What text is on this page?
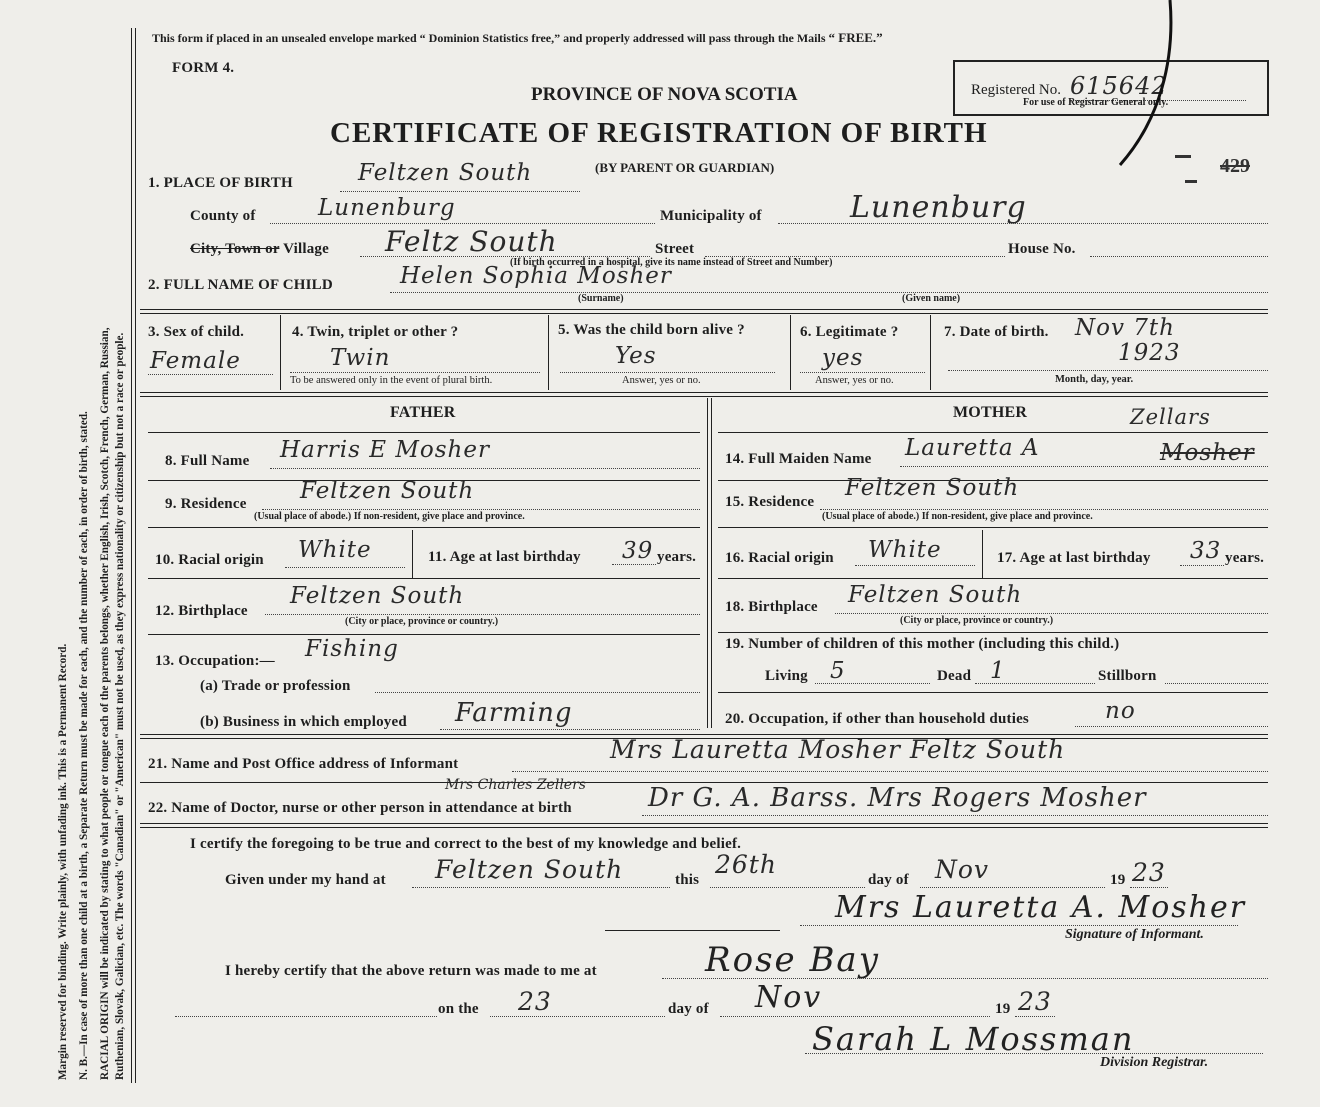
Margin reserved for binding. Write plainly, with unfading ink. This is a Permanent Record. N. B.—In case of more than one child at a birth, a Separate Return must be made for each, and the number of each, in order of birth, stated. RACIAL ORIGIN will be indicated by stating to what people or tongue each of the parents belongs, whether English, Irish, Scotch, French, German, Russian, Ruthenian, Slovak, Galician, etc. The words "Canadian" or "American" must not be used, as they express nationality or citizenship but not a race or people.
This form if placed in an unsealed envelope marked “ Dominion Statistics free,” and properly addressed will pass through the Mails “ FREE.”
FORM 4.
PROVINCE OF NOVA SCOTIA
CERTIFICATE OF REGISTRATION OF BIRTH
(BY PARENT OR GUARDIAN)
Registered No. 615642
For use of Registrar General only.
429
1. PLACE OF BIRTH	Feltzen South
County of	Lunenburg	Municipality of	Lunenburg
City, Town or Village Feltz South	Street	House No.
(If birth occurred in a hospital, give its name instead of Street and Number)
2. FULL NAME OF CHILD	Helen Sophia Mosher
(Surname)	(Given name)
3. Sex of child.
Female
4. Twin, triplet or other ?
Twin
To be answered only in the event of plural birth.
5. Was the child born alive ?
Yes
Answer, yes or no.
6. Legitimate ?
yes
Answer, yes or no.
7. Date of birth. Nov 7th
1923
Month, day, year.
FATHER
8. Full Name Harris E Mosher
9. Residence Feltzen South
(Usual place of abode.) If non-resident, give place and province.
10. Racial origin White	11. Age at last birthday 39 years.
12. Birthplace
Feltzen South
(City or place, province or country.)
13. Occupation:— Fishing
(a) Trade or profession
(b) Business in which employed Farming
MOTHER	Zellars
14. Full Maiden Name Lauretta A	Mosher
15. Residence
Feltzen South
(Usual place of abode.) If non-resident, give place and province.
16. Racial origin White	17. Age at last birthday 33 years.
18. Birthplace Feltzen South
(City or place, province or country.)
19. Number of children of this mother (including this child.)
Living 5	Dead 1	Stillborn
20. Occupation, if other than household duties	no
21. Name and Post Office address of Informant	Mrs Lauretta Mosher Feltz South
Mrs Charles Zellers
22. Name of Doctor, nurse or other person in attendance at birth	Dr G. A. Barss. Mrs Rogers Mosher
I certify the foregoing to be true and correct to the best of my knowledge and belief.
Given under my hand at Feltzen South	this
26th
day of Nov	19 23
Mrs Lauretta A. Mosher
Signature of Informant.
I hereby certify that the above return was made to me at	Rose Bay
on the 23	day of Nov	19 23
Sarah L Mossman
Division Registrar.
